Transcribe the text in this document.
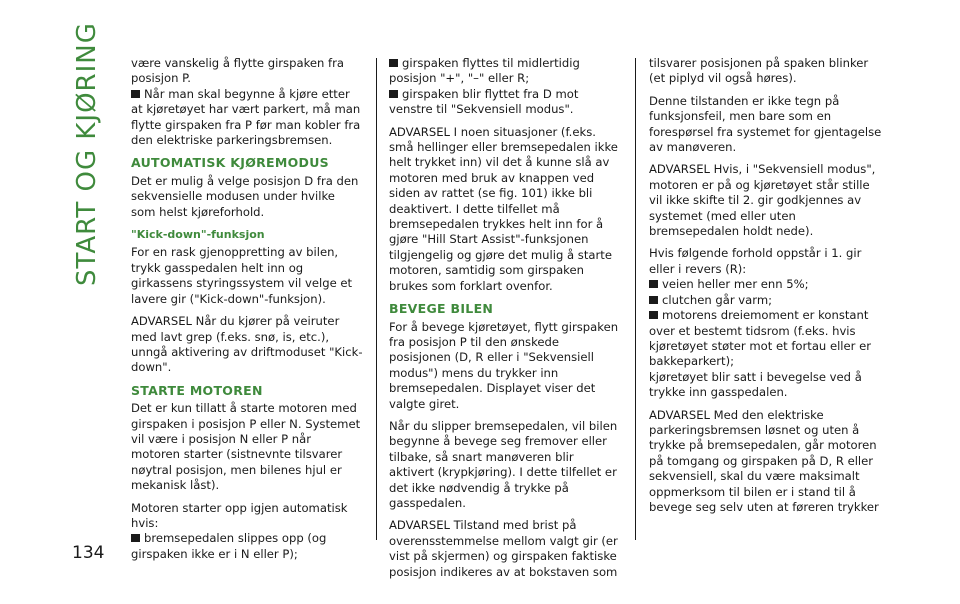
START OG KJØRING
134

være vanskelig å flytte girspaken fra posisjon P.

Når man skal begynne å kjøre etter at kjøretøyet har vært parkert, må man flytte girspaken fra P før man kobler fra den elektriske parkeringsbremsen.

AUTOMATISK KJØREMODUS

Det er mulig å velge posisjon D fra den sekvensielle modusen under hvilke som helst kjøreforhold.

"Kick-down"-funksjon

For en rask gjenoppretting av bilen, trykk gasspedalen helt inn og girkassens styringssystem vil velge et lavere gir ("Kick-down"-funksjon).

ADVARSEL Når du kjører på veiruter med lavt grep (f.eks. snø, is, etc.), unngå aktivering av driftmoduset "Kick-down".

STARTE MOTOREN

Det er kun tillatt å starte motoren med girspaken i posisjon P eller N. Systemet vil være i posisjon N eller P når motoren starter (sistnevnte tilsvarer nøytral posisjon, men bilenes hjul er mekanisk låst).

Motoren starter opp igjen automatisk hvis:

bremsepedalen slippes opp (og girspaken ikke er i N eller P);

girspaken flyttes til midlertidig posisjon "+", "–" eller R;

girspaken blir flyttet fra D mot venstre til "Sekvensiell modus".

ADVARSEL I noen situasjoner (f.eks. små hellinger eller bremsepedalen ikke helt trykket inn) vil det å kunne slå av motoren med bruk av knappen ved siden av rattet (se fig. 101) ikke bli deaktivert. I dette tilfellet må bremsepedalen trykkes helt inn for å gjøre "Hill Start Assist"-funksjonen tilgjengelig og gjøre det mulig å starte motoren, samtidig som girspaken brukes som forklart ovenfor.

BEVEGE BILEN

For å bevege kjøretøyet, flytt girspaken fra posisjon P til den ønskede posisjonen (D, R eller i "Sekvensiell modus") mens du trykker inn bremsepedalen. Displayet viser det valgte giret.

Når du slipper bremsepedalen, vil bilen begynne å bevege seg fremover eller tilbake, så snart manøveren blir aktivert (krypkjøring). I dette tilfellet er det ikke nødvendig å trykke på gasspedalen.

ADVARSEL Tilstand med brist på overensstemmelse mellom valgt gir (er vist på skjermen) og girspaken faktiske posisjon indikeres av at bokstaven som

tilsvarer posisjonen på spaken blinker (et piplyd vil også høres).

Denne tilstanden er ikke tegn på funksjonsfeil, men bare som en forespørsel fra systemet for gjentagelse av manøveren.

ADVARSEL Hvis, i "Sekvensiell modus", motoren er på og kjøretøyet står stille vil ikke skifte til 2. gir godkjennes av systemet (med eller uten bremsepedalen holdt nede).

Hvis følgende forhold oppstår i 1. gir eller i revers (R):

veien heller mer enn 5%;

clutchen går varm;

motorens dreiemoment er konstant over et bestemt tidsrom (f.eks. hvis kjøretøyet støter mot et fortau eller er bakkeparkert);

kjøretøyet blir satt i bevegelse ved å trykke inn gasspedalen.

ADVARSEL Med den elektriske parkeringsbremsen løsnet og uten å trykke på bremsepedalen, går motoren på tomgang og girspaken på D, R eller sekvensiell, skal du være maksimalt oppmerksom til bilen er i stand til å bevege seg selv uten at føreren trykker
